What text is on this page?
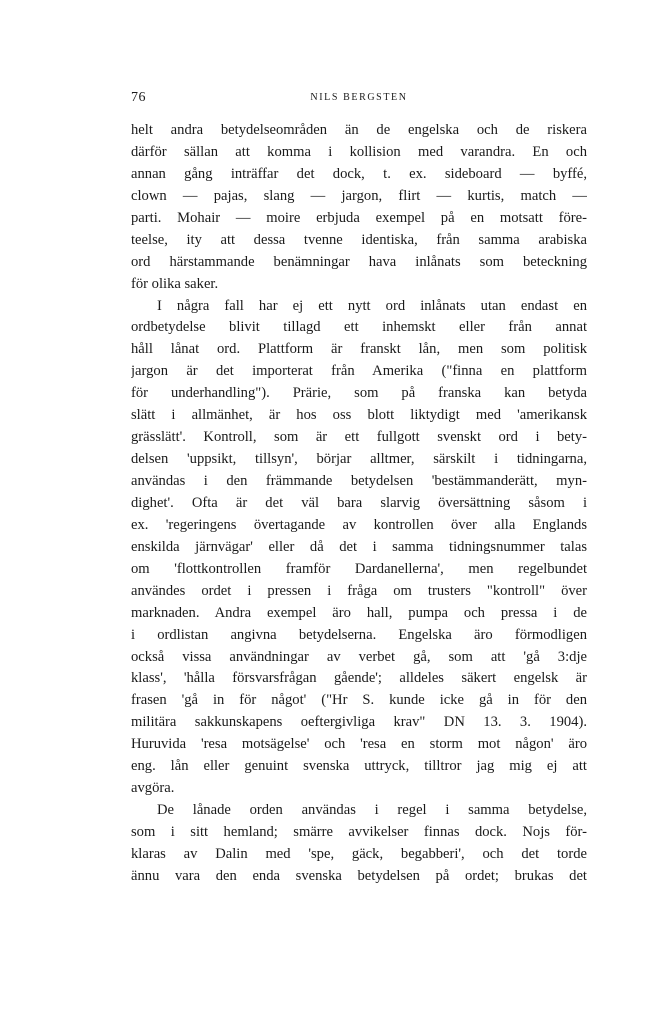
76	NILS BERGSTEN
helt andra betydelseområden än de engelska och de riskera
därför sällan att komma i kollision med varandra. En och
annan gång inträffar det dock, t. ex. sideboard — byffé,
clown — pajas, slang — jargon, flirt — kurtis, match —
parti. Mohair — moire erbjuda exempel på en motsatt före-
teelse, ity att dessa tvenne identiska, från samma arabiska
ord härstammande benämningar hava inlånats som beteckning
för olika saker.
I några fall har ej ett nytt ord inlånats utan endast en
ordbetydelse blivit tillagd ett inhemskt eller från annat
håll lånat ord. Plattform är franskt lån, men som politisk
jargon är det importerat från Amerika ("finna en plattform
för underhandling"). Prärie, som på franska kan betyda
slätt i allmänhet, är hos oss blott liktydigt med 'amerikansk
grässlätt'. Kontroll, som är ett fullgott svenskt ord i bety-
delsen 'uppsikt, tillsyn', börjar alltmer, särskilt i tidningarna,
användas i den främmande betydelsen 'bestämmanderätt, myn-
dighet'. Ofta är det väl bara slarvig översättning såsom i
ex. 'regeringens övertagande av kontrollen över alla Englands
enskilda järnvägar' eller då det i samma tidningsnummer talas
om 'flottkontrollen framför Dardanellerna', men regelbundet
användes ordet i pressen i fråga om trusters "kontroll" över
marknaden. Andra exempel äro hall, pumpa och pressa i de
i ordlistan angivna betydelserna. Engelska äro förmodligen
också vissa användningar av verbet gå, som att 'gå 3:dje
klass', 'hålla försvarsfrågan gående'; alldeles säkert engelsk är
frasen 'gå in för något' ("Hr S. kunde icke gå in för den
militära sakkunskapens oeftergivliga krav" DN 13. 3. 1904).
Huruvida 'resa motsägelse' och 'resa en storm mot någon' äro
eng. lån eller genuint svenska uttryck, tilltror jag mig ej att
avgöra.
De lånade orden användas i regel i samma betydelse,
som i sitt hemland; smärre avvikelser finnas dock. Nojs för-
klaras av Dalin med 'spe, gäck, begabberi', och det torde
ännu vara den enda svenska betydelsen på ordet; brukas det
